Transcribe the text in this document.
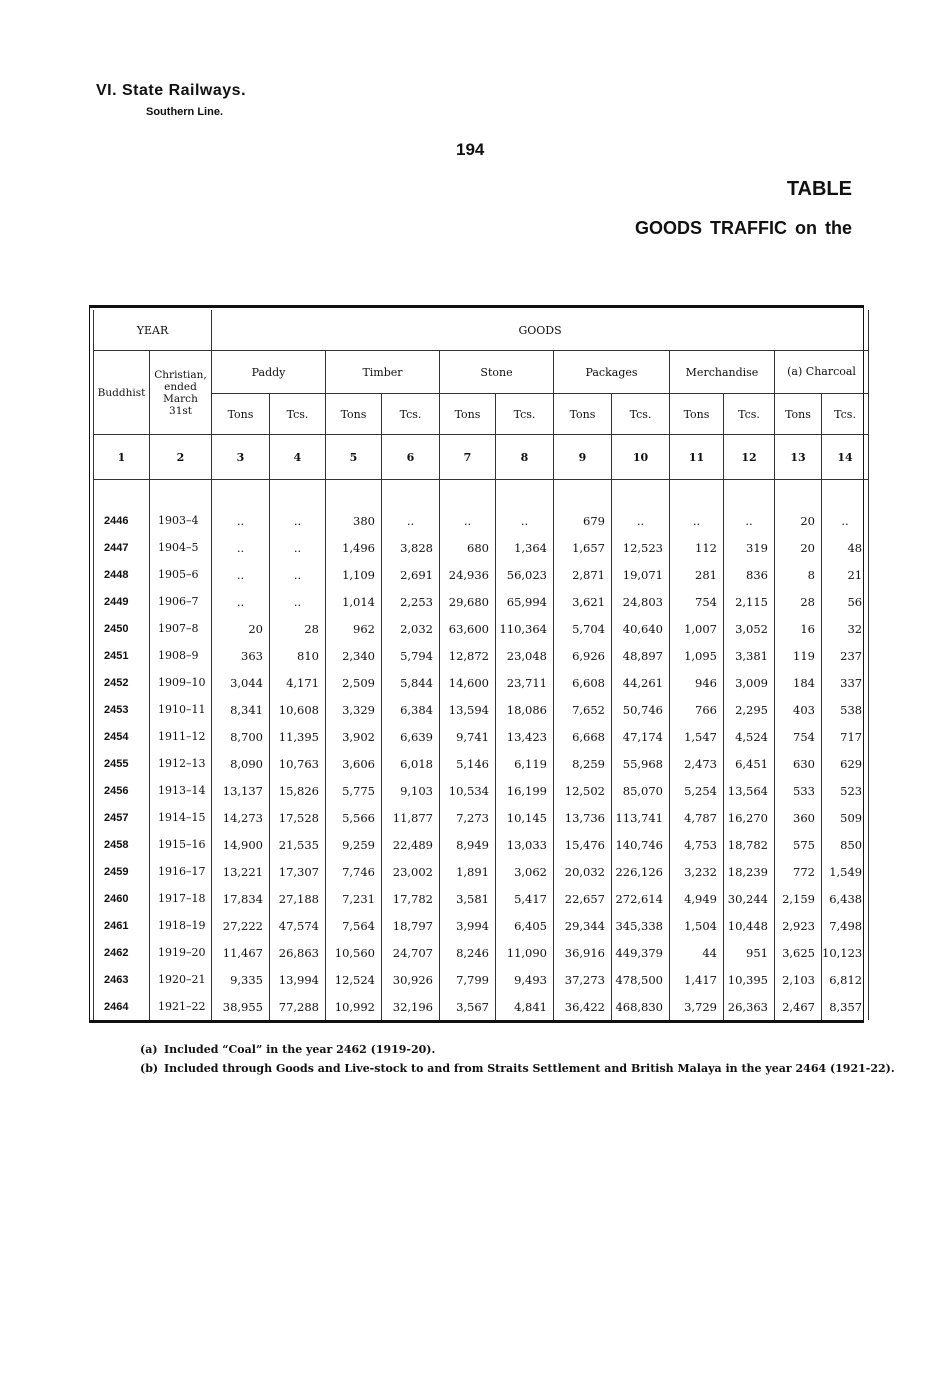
VI. State Railways.
Southern Line.
194
TABLE
GOODS TRAFFIC on the
YEAR		GOODS											
Buddhist	Christian, ended March 31st	Paddy		Timber		Stone		Packages		Merchandise		(a) Charcoal	
		Tons	Tcs.	Tons	Tcs.	Tons	Tcs.	Tons	Tcs.	Tons	Tcs.	Tons	Tcs.
1	2	3	4	5	6	7	8	9	10	11	12	13	14

2446	1903–4	..	..	380	..	..	..	679	..	..	..	20	..
2447	1904–5	..	..	1,496	3,828	680	1,364	1,657	12,523	112	319	20	48
2448	1905–6	..	..	1,109	2,691	24,936	56,023	2,871	19,071	281	836	8	21
2449	1906–7	..	..	1,014	2,253	29,680	65,994	3,621	24,803	754	2,115	28	56
2450	1907–8	20	28	962	2,032	63,600	110,364	5,704	40,640	1,007	3,052	16	32
2451	1908–9	363	810	2,340	5,794	12,872	23,048	6,926	48,897	1,095	3,381	119	237
2452	1909–10	3,044	4,171	2,509	5,844	14,600	23,711	6,608	44,261	946	3,009	184	337
2453	1910–11	8,341	10,608	3,329	6,384	13,594	18,086	7,652	50,746	766	2,295	403	538
2454	1911–12	8,700	11,395	3,902	6,639	9,741	13,423	6,668	47,174	1,547	4,524	754	717
2455	1912–13	8,090	10,763	3,606	6,018	5,146	6,119	8,259	55,968	2,473	6,451	630	629
2456	1913–14	13,137	15,826	5,775	9,103	10,534	16,199	12,502	85,070	5,254	13,564	533	523
2457	1914–15	14,273	17,528	5,566	11,877	7,273	10,145	13,736	113,741	4,787	16,270	360	509
2458	1915–16	14,900	21,535	9,259	22,489	8,949	13,033	15,476	140,746	4,753	18,782	575	850
2459	1916–17	13,221	17,307	7,746	23,002	1,891	3,062	20,032	226,126	3,232	18,239	772	1,549
2460	1917–18	17,834	27,188	7,231	17,782	3,581	5,417	22,657	272,614	4,949	30,244	2,159	6,438
2461	1918–19	27,222	47,574	7,564	18,797	3,994	6,405	29,344	345,338	1,504	10,448	2,923	7,498
2462	1919–20	11,467	26,863	10,560	24,707	8,246	11,090	36,916	449,379	44	951	3,625	10,123
2463	1920–21	9,335	13,994	12,524	30,926	7,799	9,493	37,273	478,500	1,417	10,395	2,103	6,812
2464	1921–22	38,955	77,288	10,992	32,196	3,567	4,841	36,422	468,830	3,729	26,363	2,467	8,357
(a) Included “Coal” in the year 2462 (1919-20).
(b) Included through Goods and Live-stock to and from Straits Settlement and British Malaya in the year 2464 (1921-22).
